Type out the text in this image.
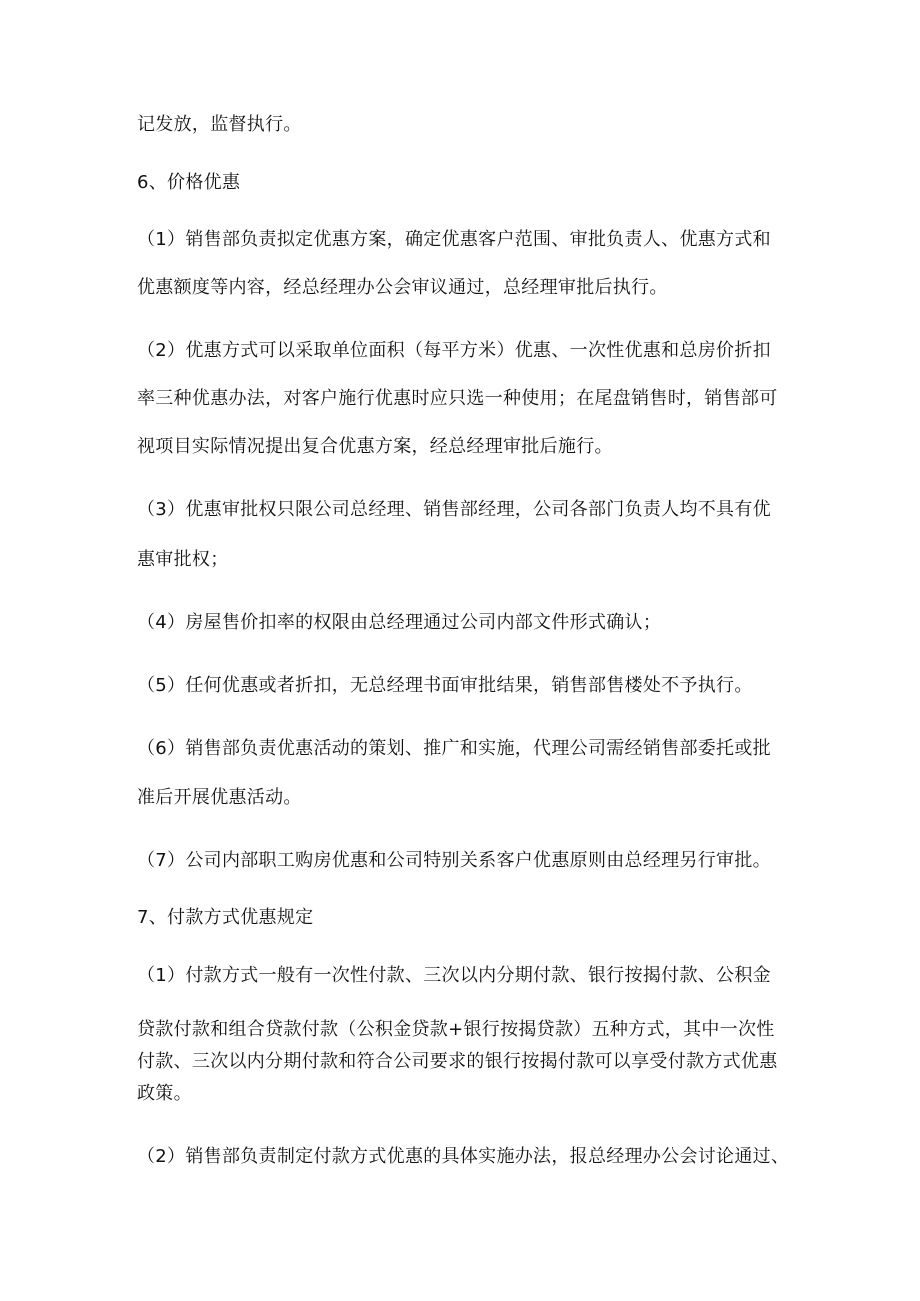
记发放，监督执行。

6、价格优惠

（1）销售部负责拟定优惠方案，确定优惠客户范围、审批负责人、优惠方式和

优惠额度等内容，经总经理办公会审议通过，总经理审批后执行。

（2）优惠方式可以采取单位面积（每平方米）优惠、一次性优惠和总房价折扣

率三种优惠办法，对客户施行优惠时应只选一种使用；在尾盘销售时，销售部可

视项目实际情况提出复合优惠方案，经总经理审批后施行。

（3）优惠审批权只限公司总经理、销售部经理，公司各部门负责人均不具有优

惠审批权；

（4）房屋售价扣率的权限由总经理通过公司内部文件形式确认；

（5）任何优惠或者折扣，无总经理书面审批结果，销售部售楼处不予执行。

（6）销售部负责优惠活动的策划、推广和实施，代理公司需经销售部委托或批

准后开展优惠活动。

（7）公司内部职工购房优惠和公司特别关系客户优惠原则由总经理另行审批。

7、付款方式优惠规定

（1）付款方式一般有一次性付款、三次以内分期付款、银行按揭付款、公积金

贷款付款和组合贷款付款（公积金贷款+银行按揭贷款）五种方式，其中一次性

付款、三次以内分期付款和符合公司要求的银行按揭付款可以享受付款方式优惠

政策。

（2）销售部负责制定付款方式优惠的具体实施办法，报总经理办公会讨论通过、
